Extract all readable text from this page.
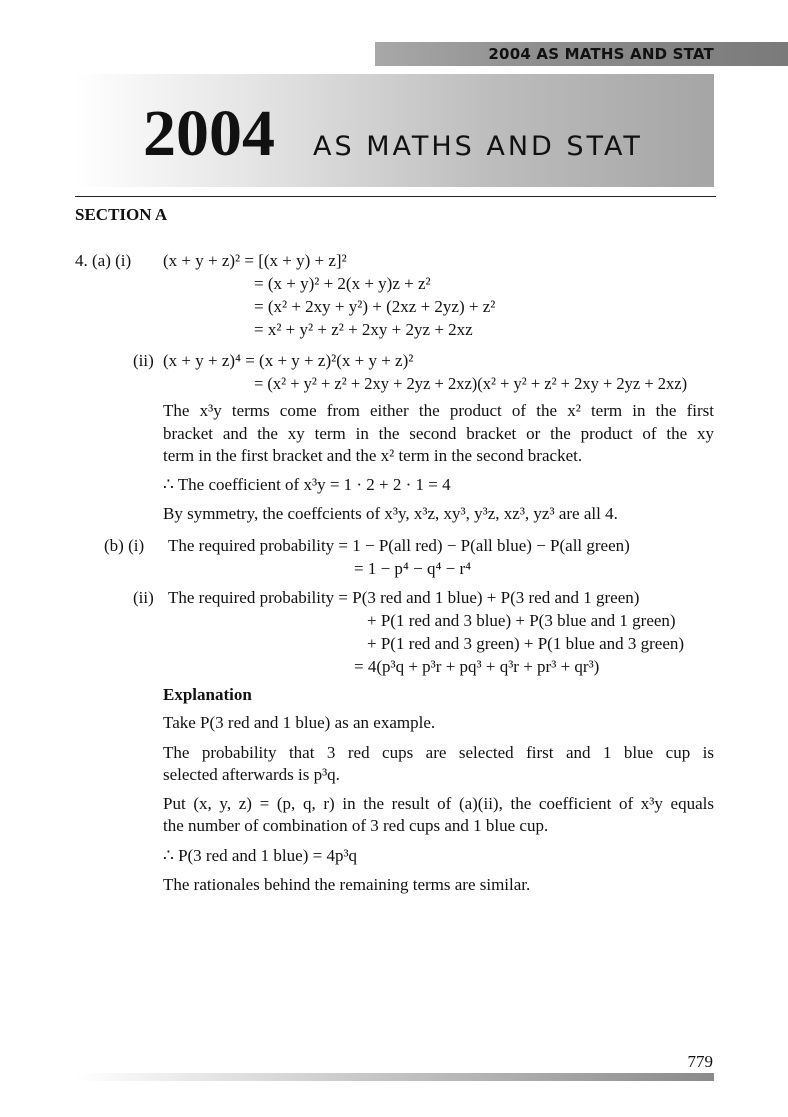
2004 AS MATHS AND STAT
2004 AS MATHS AND STAT
SECTION A
4. (a) (i) (x + y + z)² = [(x + y) + z]²
= (x + y)² + 2(x + y)z + z²
= (x² + 2xy + y²) + (2xz + 2yz) + z²
= x² + y² + z² + 2xy + 2yz + 2xz
(ii) (x + y + z)⁴ = (x + y + z)²(x + y + z)²
= (x² + y² + z² + 2xy + 2yz + 2xz)(x² + y² + z² + 2xy + 2yz + 2xz)
The x³y terms come from either the product of the x² term in the first
bracket and the xy term in the second bracket or the product of the xy
term in the first bracket and the x² term in the second bracket.
∴ The coefficient of x³y = 1 · 2 + 2 · 1 = 4
By symmetry, the coeffcients of x³y, x³z, xy³, y³z, xz³, yz³ are all 4.
(b) (i) The required probability = 1 − P(all red) − P(all blue) − P(all green)
= 1 − p⁴ − q⁴ − r⁴
(ii) The required probability = P(3 red and 1 blue) + P(3 red and 1 green)
+ P(1 red and 3 blue) + P(3 blue and 1 green)
+ P(1 red and 3 green) + P(1 blue and 3 green)
= 4(p³q + p³r + pq³ + q³r + pr³ + qr³)
Explanation
Take P(3 red and 1 blue) as an example.
The probability that 3 red cups are selected first and 1 blue cup is
selected afterwards is p³q.
Put (x, y, z) = (p, q, r) in the result of (a)(ii), the coefficient of x³y equals
the number of combination of 3 red cups and 1 blue cup.
∴ P(3 red and 1 blue) = 4p³q
The rationales behind the remaining terms are similar.
779
